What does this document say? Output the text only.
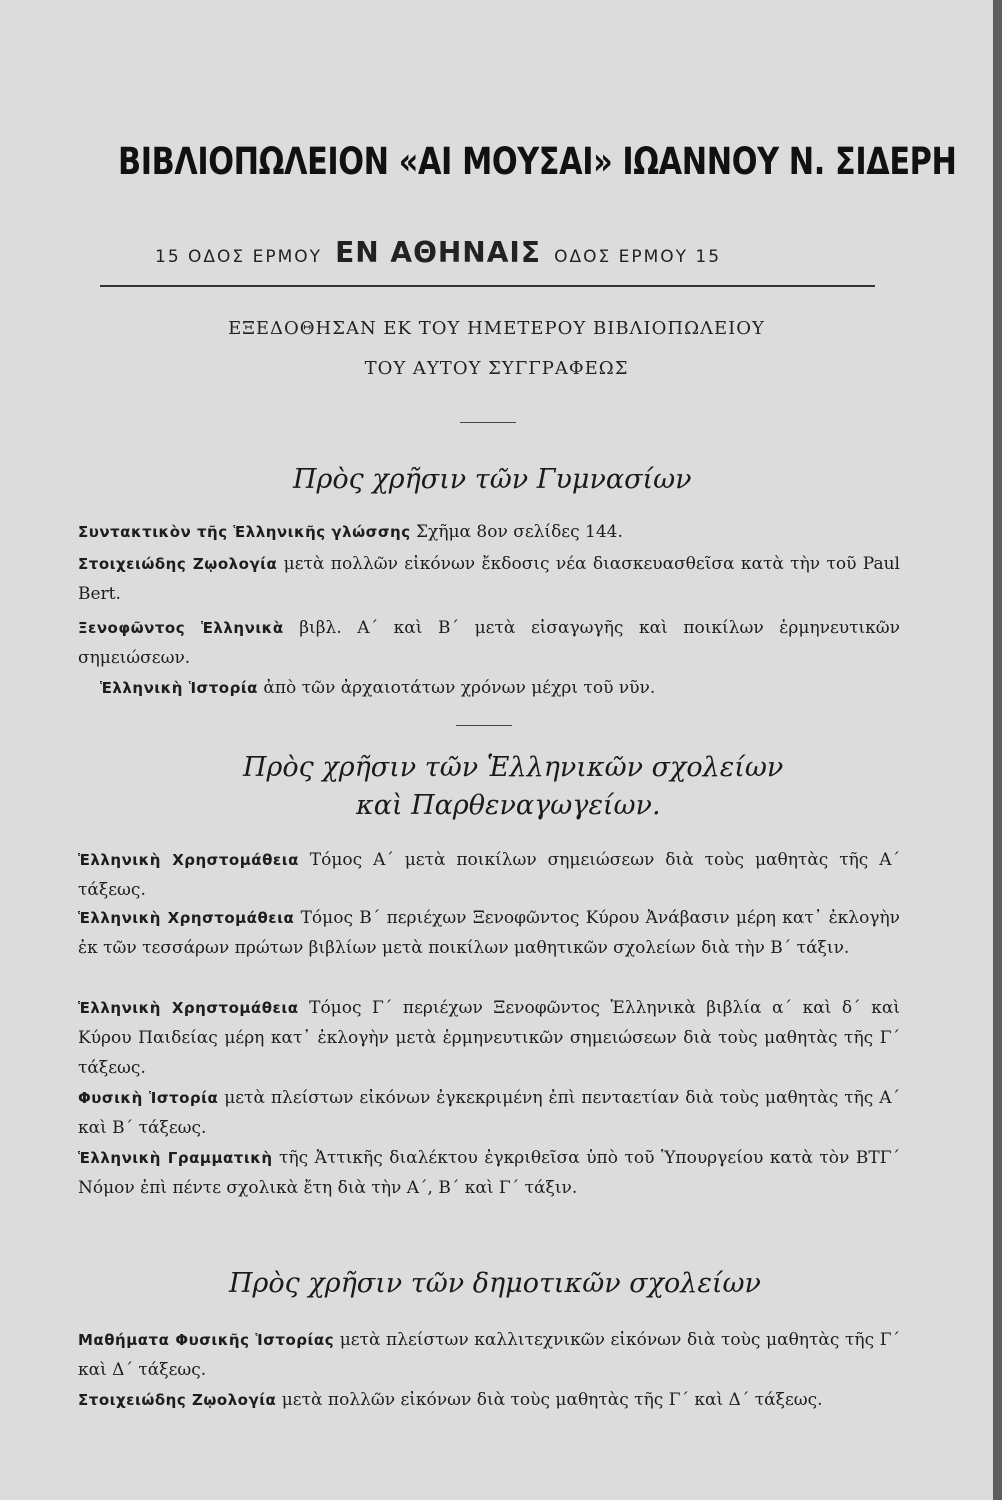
ΒΙΒΛΙΟΠΩΛΕΙΟΝ «ΑΙ ΜΟΥΣΑΙ» ΙΩΑΝΝΟΥ Ν. ΣΙΔΕΡΗ
15 ΟΔΟΣ ΕΡΜΟΥ ΕΝ ΑΘΗΝΑΙΣ ΟΔΟΣ ΕΡΜΟΥ 15
ΕΞΕΔΟΘΗΣΑΝ ΕΚ ΤΟΥ ΗΜΕΤΕΡΟΥ ΒΙΒΛΙΟΠΩΛΕΙΟΥ
ΤΟΥ ΑΥΤΟΥ ΣΥΓΓΡΑΦΕΩΣ
Πρὸς χρῆσιν τῶν Γυμνασίων
Συντακτικὸν τῆς Ἑλληνικῆς γλώσσης Σχῆμα 8ον σελίδες 144.
Στοιχειώδης Ζῳολογία μετὰ πολλῶν εἰκόνων ἔκδοσις νέα διασκευασθεῖσα κατὰ τὴν τοῦ Paul Bert.
Ξενοφῶντος Ἑλληνικὰ βιβλ. Α΄ καὶ Β΄ μετὰ εἰσαγωγῆς καὶ ποικίλων ἑρμηνευτικῶν σημειώσεων.
Ἑλληνικὴ Ἱστορία ἀπὸ τῶν ἀρχαιοτάτων χρόνων μέχρι τοῦ νῦν.
Πρὸς χρῆσιν τῶν Ἑλληνικῶν σχολείων
καὶ Παρθεναγωγείων.
Ἑλληνικὴ Χρηστομάθεια Τόμος Α΄ μετὰ ποικίλων σημειώσεων διὰ τοὺς μαθητὰς τῆς Α΄ τάξεως.
Ἑλληνικὴ Χρηστομάθεια Τόμος Β΄ περιέχων Ξενοφῶντος Κύρου Ἀνάβασιν μέρη κατ᾿ ἐκλογὴν ἐκ τῶν τεσσάρων πρώτων βιβλίων μετὰ ποικίλων μαθητικῶν σχολείων διὰ τὴν Β΄ τάξιν.
Ἑλληνικὴ Χρηστομάθεια Τόμος Γ΄ περιέχων Ξενοφῶντος Ἑλληνικὰ βιβλία α΄ καὶ δ΄ καὶ Κύρου Παιδείας μέρη κατ᾿ ἐκλογὴν μετὰ ἑρμηνευτικῶν σημειώσεων διὰ τοὺς μαθητὰς τῆς Γ΄ τάξεως.
Φυσικὴ Ἱστορία μετὰ πλείστων εἰκόνων ἐγκεκριμένη ἐπὶ πενταετίαν διὰ τοὺς μαθητὰς τῆς Α΄ καὶ Β΄ τάξεως.
Ἑλληνικὴ Γραμματικὴ τῆς Ἀττικῆς διαλέκτου ἐγκριθεῖσα ὑπὸ τοῦ Ὑπουργείου κατὰ τὸν ΒΤΓ΄ Νόμον ἐπὶ πέντε σχολικὰ ἔτη διὰ τὴν Α΄, Β΄ καὶ Γ΄ τάξιν.
Πρὸς χρῆσιν τῶν δημοτικῶν σχολείων
Μαθήματα Φυσικῆς Ἱστορίας μετὰ πλείστων καλλιτεχνικῶν εἰκόνων διὰ τοὺς μαθητὰς τῆς Γ΄ καὶ Δ΄ τάξεως.
Στοιχειώδης Ζῳολογία μετὰ πολλῶν εἰκόνων διὰ τοὺς μαθητὰς τῆς Γ΄ καὶ Δ΄ τάξεως.
